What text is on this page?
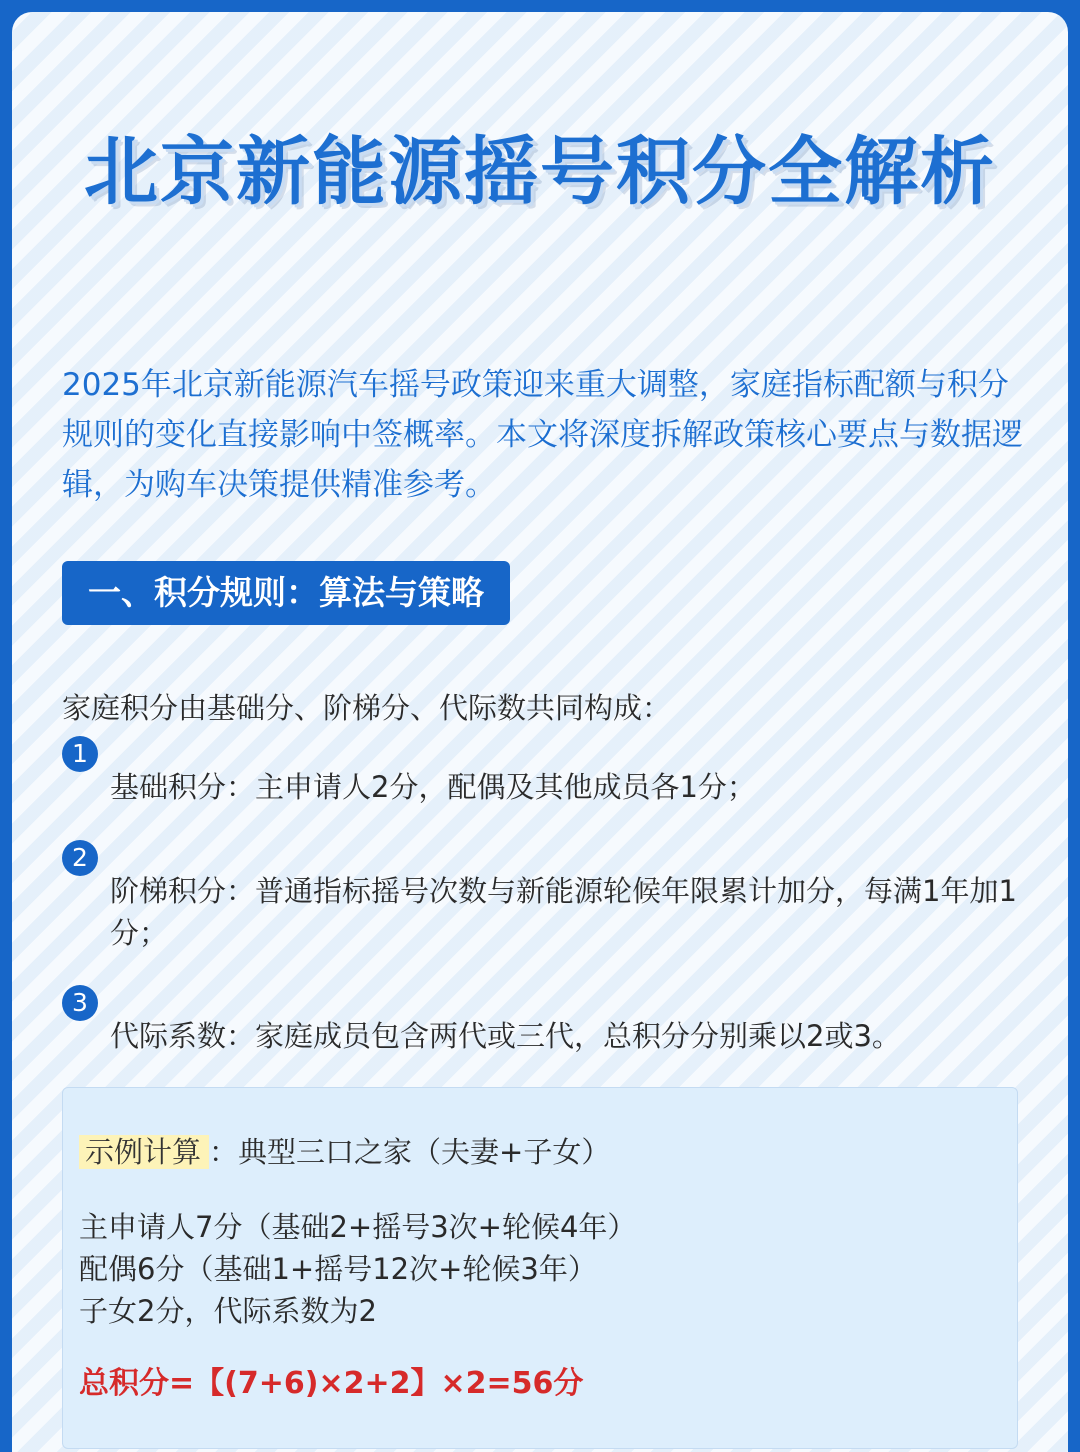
北京新能源摇号积分全解析

2025年北京新能源汽车摇号政策迎来重大调整，家庭指标配额与积分规则的变化直接影响中签概率。本文将深度拆解政策核心要点与数据逻辑，为购车决策提供精准参考。

一、积分规则：算法与策略
家庭积分由基础分、阶梯分、代际数共同构成：
1
基础积分：主申请人2分，配偶及其他成员各1分；
2
阶梯积分：普通指标摇号次数与新能源轮候年限累计加分，每满1年加1分；
3
代际系数：家庭成员包含两代或三代，总积分分别乘以2或3。
示例计算 ：典型三口之家（夫妻+子女）
主申请人7分（基础2+摇号3次+轮候4年）
配偶6分（基础1+摇号12次+轮候3年）
子女2分，代际系数为2
总积分=【(7+6)×2+2】×2=56分
